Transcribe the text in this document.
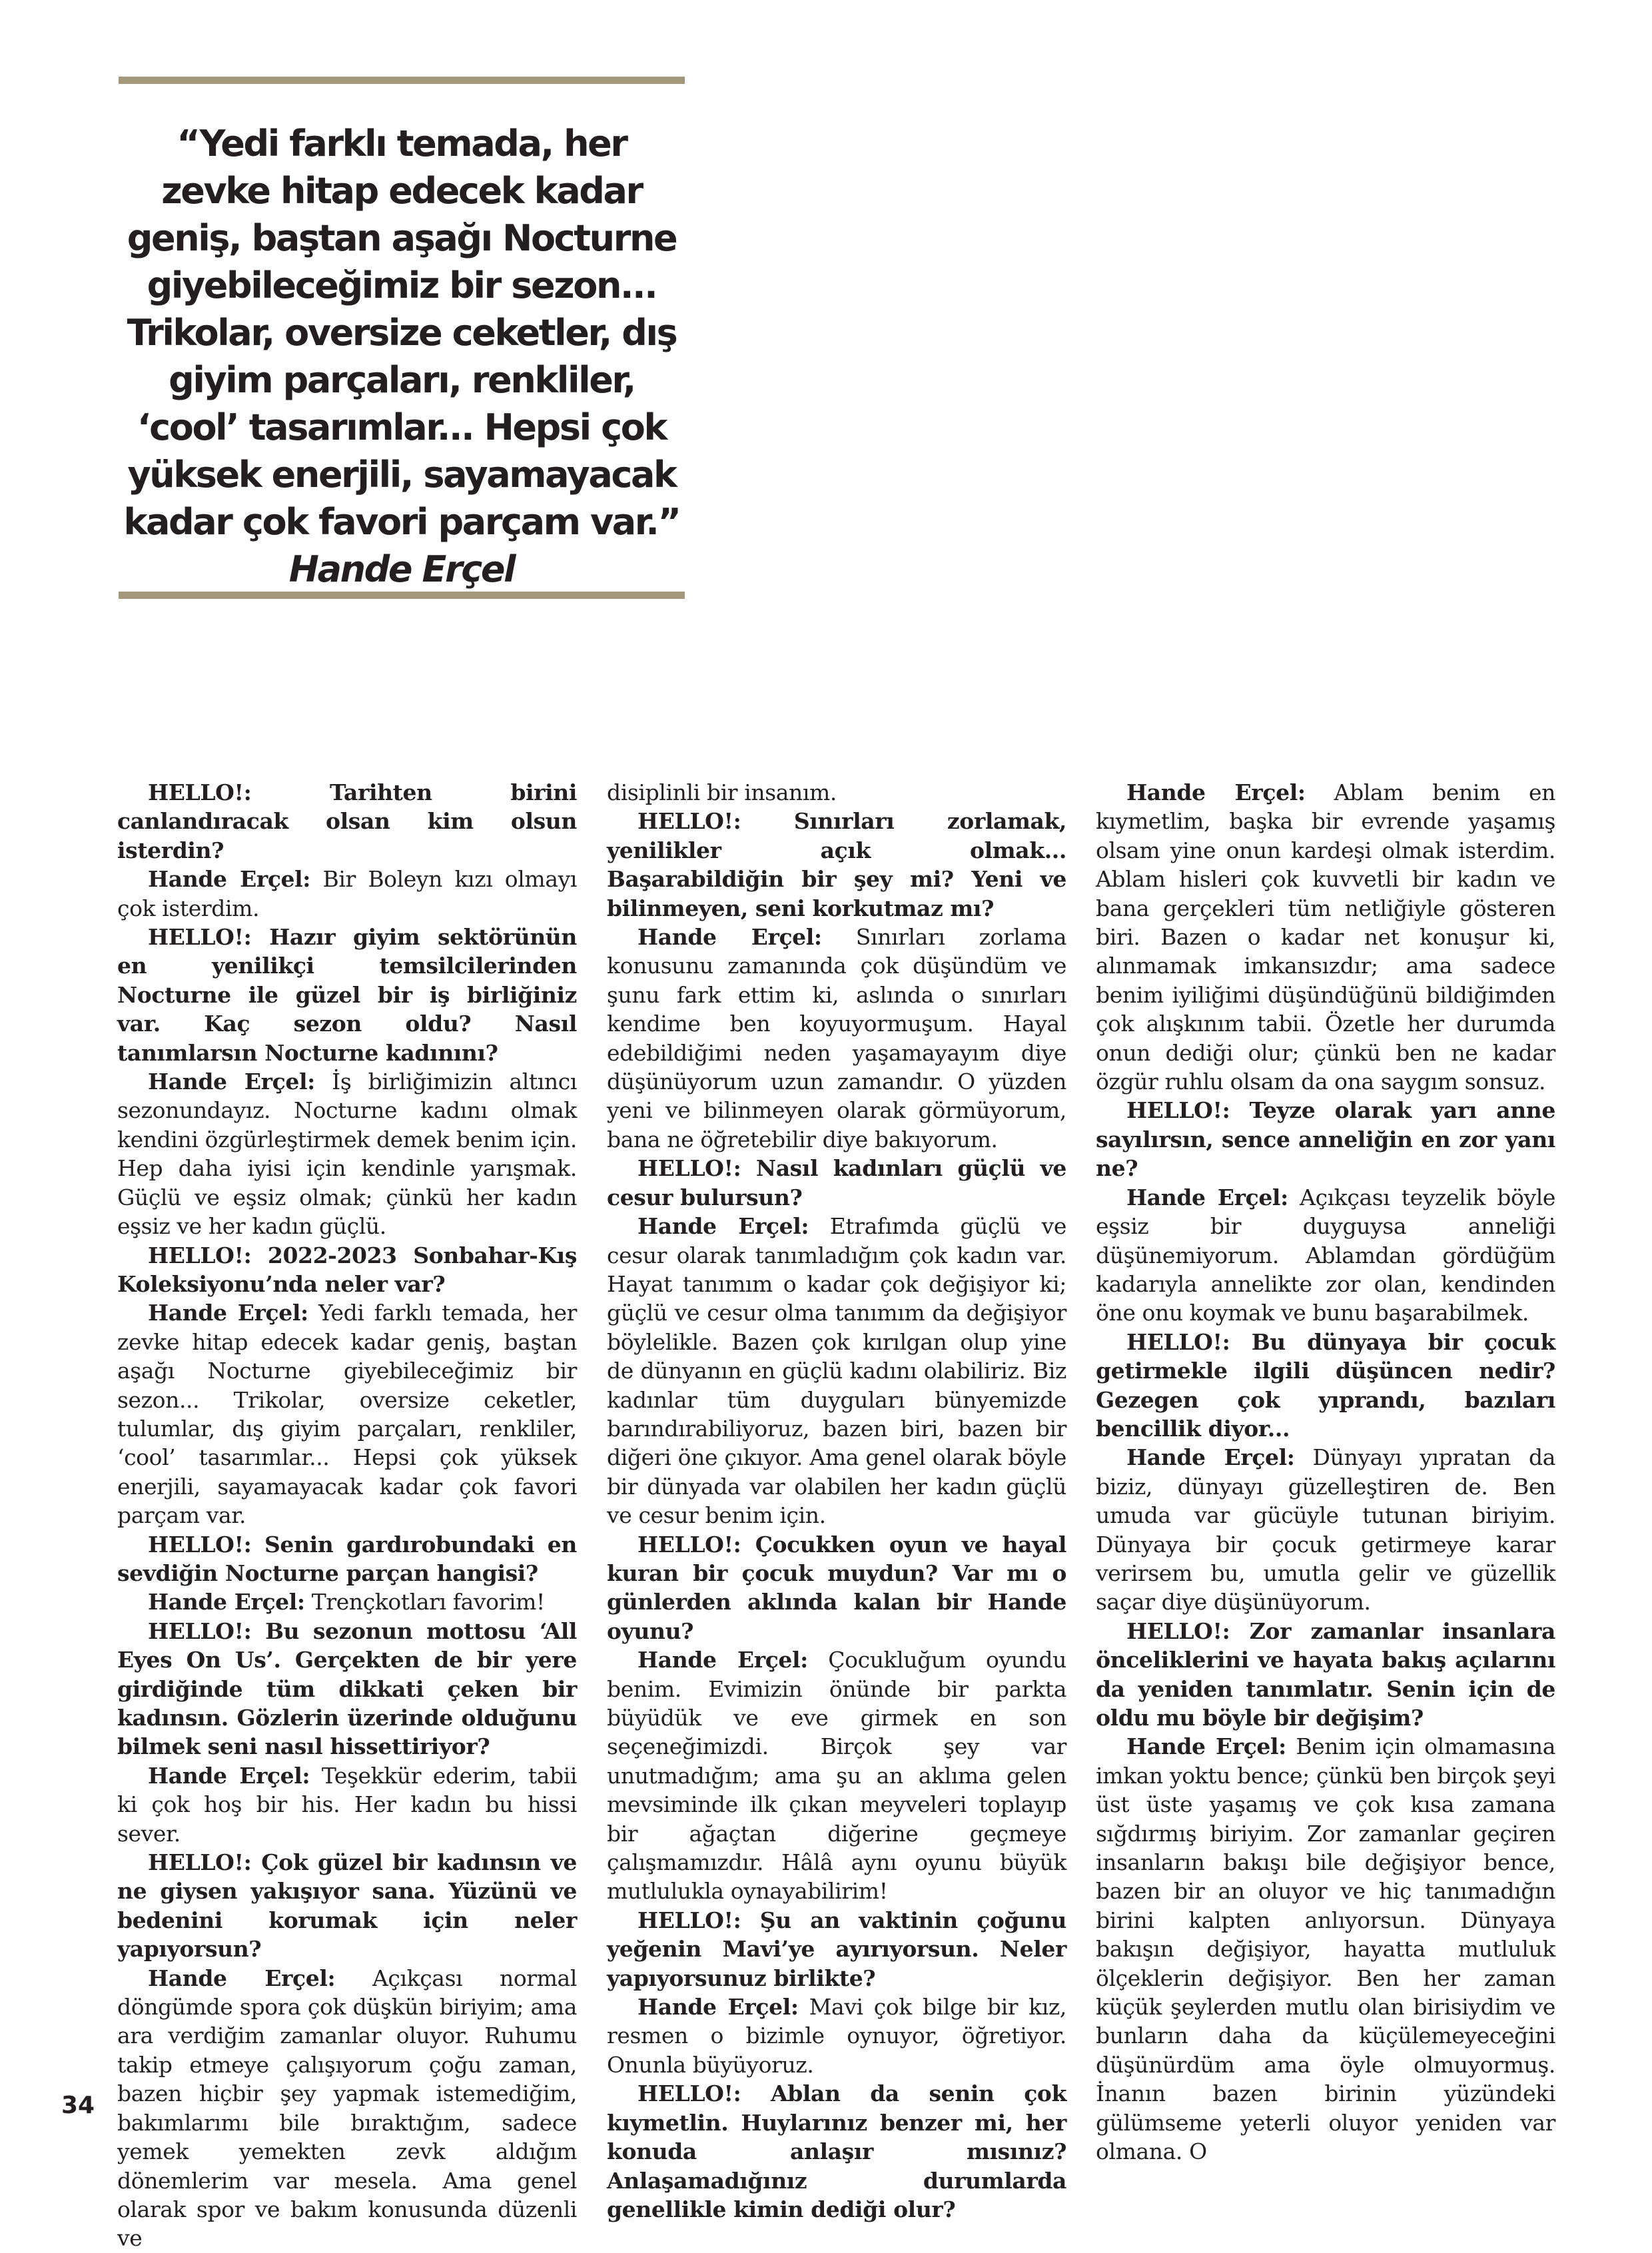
“Yedi farklı temada, her zevke hitap edecek kadar geniş, baştan aşağı Nocturne giyebileceğimiz bir sezon... Trikolar, oversize ceketler, dış giyim parçaları, renkliler, ‘cool’ tasarımlar... Hepsi çok yüksek enerjili, sayamayacak kadar çok favori parçam var.”
Hande Erçel

HELLO!: Tarihten birini canlandıracak olsan kim olsun isterdin?

Hande Erçel: Bir Boleyn kızı olmayı çok isterdim.

HELLO!: Hazır giyim sektörünün en yenilikçi temsilcilerinden Nocturne ile güzel bir iş birliğiniz var. Kaç sezon oldu? Nasıl tanımlarsın Nocturne kadınını?

Hande Erçel: İş birliğimizin altıncı sezonundayız. Nocturne kadını olmak kendini özgürleştirmek demek benim için. Hep daha iyisi için kendinle yarışmak. Güçlü ve eşsiz olmak; çünkü her kadın eşsiz ve her kadın güçlü.

HELLO!: 2022-2023 Sonbahar-Kış Koleksiyonu’nda neler var?

Hande Erçel: Yedi farklı temada, her zevke hitap edecek kadar geniş, baştan aşağı Nocturne giyebileceğimiz bir sezon... Trikolar, oversize ceketler, tulumlar, dış giyim parçaları, renkliler, ‘cool’ tasarımlar... Hepsi çok yüksek enerjili, sayamayacak kadar çok favori parçam var.

HELLO!: Senin gardırobundaki en sevdiğin Nocturne parçan hangisi?

Hande Erçel: Trençkotları favorim!

HELLO!: Bu sezonun mottosu ‘All Eyes On Us’. Gerçekten de bir yere girdiğinde tüm dikkati çeken bir kadınsın. Gözlerin üzerinde olduğunu bilmek seni nasıl hissettiriyor?

Hande Erçel: Teşekkür ederim, tabii ki çok hoş bir his. Her kadın bu hissi sever.

HELLO!: Çok güzel bir kadınsın ve ne giysen yakışıyor sana. Yüzünü ve bedenini korumak için neler yapıyorsun?

Hande Erçel: Açıkçası normal döngümde spora çok düşkün biriyim; ama ara verdiğim zamanlar oluyor. Ruhumu takip etmeye çalışıyorum çoğu zaman, bazen hiçbir şey yapmak istemediğim, bakımlarımı bile bıraktığım, sadece yemek yemekten zevk aldığım dönemlerim var mesela. Ama genel olarak spor ve bakım konusunda düzenli ve

disiplinli bir insanım.

HELLO!: Sınırları zorlamak, yenilikler açık olmak... Başarabildiğin bir şey mi? Yeni ve bilinmeyen, seni korkutmaz mı?

Hande Erçel: Sınırları zorlama konusunu zamanında çok düşündüm ve şunu fark ettim ki, aslında o sınırları kendime ben koyuyormuşum. Hayal edebildiğimi neden yaşamayayım diye düşünüyorum uzun zamandır. O yüzden yeni ve bilinmeyen olarak görmüyorum, bana ne öğretebilir diye bakıyorum.

HELLO!: Nasıl kadınları güçlü ve cesur bulursun?

Hande Erçel: Etrafımda güçlü ve cesur olarak tanımladığım çok kadın var. Hayat tanımım o kadar çok değişiyor ki; güçlü ve cesur olma tanımım da değişiyor böylelikle. Bazen çok kırılgan olup yine de dünyanın en güçlü kadını olabiliriz. Biz kadınlar tüm duyguları bünyemizde barındırabiliyoruz, bazen biri, bazen bir diğeri öne çıkıyor. Ama genel olarak böyle bir dünyada var olabilen her kadın güçlü ve cesur benim için.

HELLO!: Çocukken oyun ve hayal kuran bir çocuk muydun? Var mı o günlerden aklında kalan bir Hande oyunu?

Hande Erçel: Çocukluğum oyundu benim. Evimizin önünde bir parkta büyüdük ve eve girmek en son seçeneğimizdi. Birçok şey var unutmadığım; ama şu an aklıma gelen mevsiminde ilk çıkan meyveleri toplayıp bir ağaçtan diğerine geçmeye çalışmamızdır. Hâlâ aynı oyunu büyük mutlulukla oynayabilirim!

HELLO!: Şu an vaktinin çoğunu yeğenin Mavi’ye ayırıyorsun. Neler yapıyorsunuz birlikte?

Hande Erçel: Mavi çok bilge bir kız, resmen o bizimle oynuyor, öğretiyor. Onunla büyüyoruz.

HELLO!: Ablan da senin çok kıymetlin. Huylarınız benzer mi, her konuda anlaşır mısınız? Anlaşamadığınız durumlarda genellikle kimin dediği olur?

Hande Erçel: Ablam benim en kıymetlim, başka bir evrende yaşamış olsam yine onun kardeşi olmak isterdim. Ablam hisleri çok kuvvetli bir kadın ve bana gerçekleri tüm netliğiyle gösteren biri. Bazen o kadar net konuşur ki, alınmamak imkansızdır; ama sadece benim iyiliğimi düşündüğünü bildiğimden çok alışkınım tabii. Özetle her durumda onun dediği olur; çünkü ben ne kadar özgür ruhlu olsam da ona saygım sonsuz.

HELLO!: Teyze olarak yarı anne sayılırsın, sence anneliğin en zor yanı ne?

Hande Erçel: Açıkçası teyzelik böyle eşsiz bir duyguysa anneliği düşünemiyorum. Ablamdan gördüğüm kadarıyla annelikte zor olan, kendinden öne onu koymak ve bunu başarabilmek.

HELLO!: Bu dünyaya bir çocuk getirmekle ilgili düşüncen nedir? Gezegen çok yıprandı, bazıları bencillik diyor...

Hande Erçel: Dünyayı yıpratan da biziz, dünyayı güzelleştiren de. Ben umuda var gücüyle tutunan biriyim. Dünyaya bir çocuk getirmeye karar verirsem bu, umutla gelir ve güzellik saçar diye düşünüyorum.

HELLO!: Zor zamanlar insanlara önceliklerini ve hayata bakış açılarını da yeniden tanımlatır. Senin için de oldu mu böyle bir değişim?

Hande Erçel: Benim için olmamasına imkan yoktu bence; çünkü ben birçok şeyi üst üste yaşamış ve çok kısa zamana sığdırmış biriyim. Zor zamanlar geçiren insanların bakışı bile değişiyor bence, bazen bir an oluyor ve hiç tanımadığın birini kalpten anlıyorsun. Dünyaya bakışın değişiyor, hayatta mutluluk ölçeklerin değişiyor. Ben her zaman küçük şeylerden mutlu olan birisiydim ve bunların daha da küçülemeyeceğini düşünürdüm ama öyle olmuyormuş. İnanın bazen birinin yüzündeki gülümseme yeterli oluyor yeniden var olmana. O

34
